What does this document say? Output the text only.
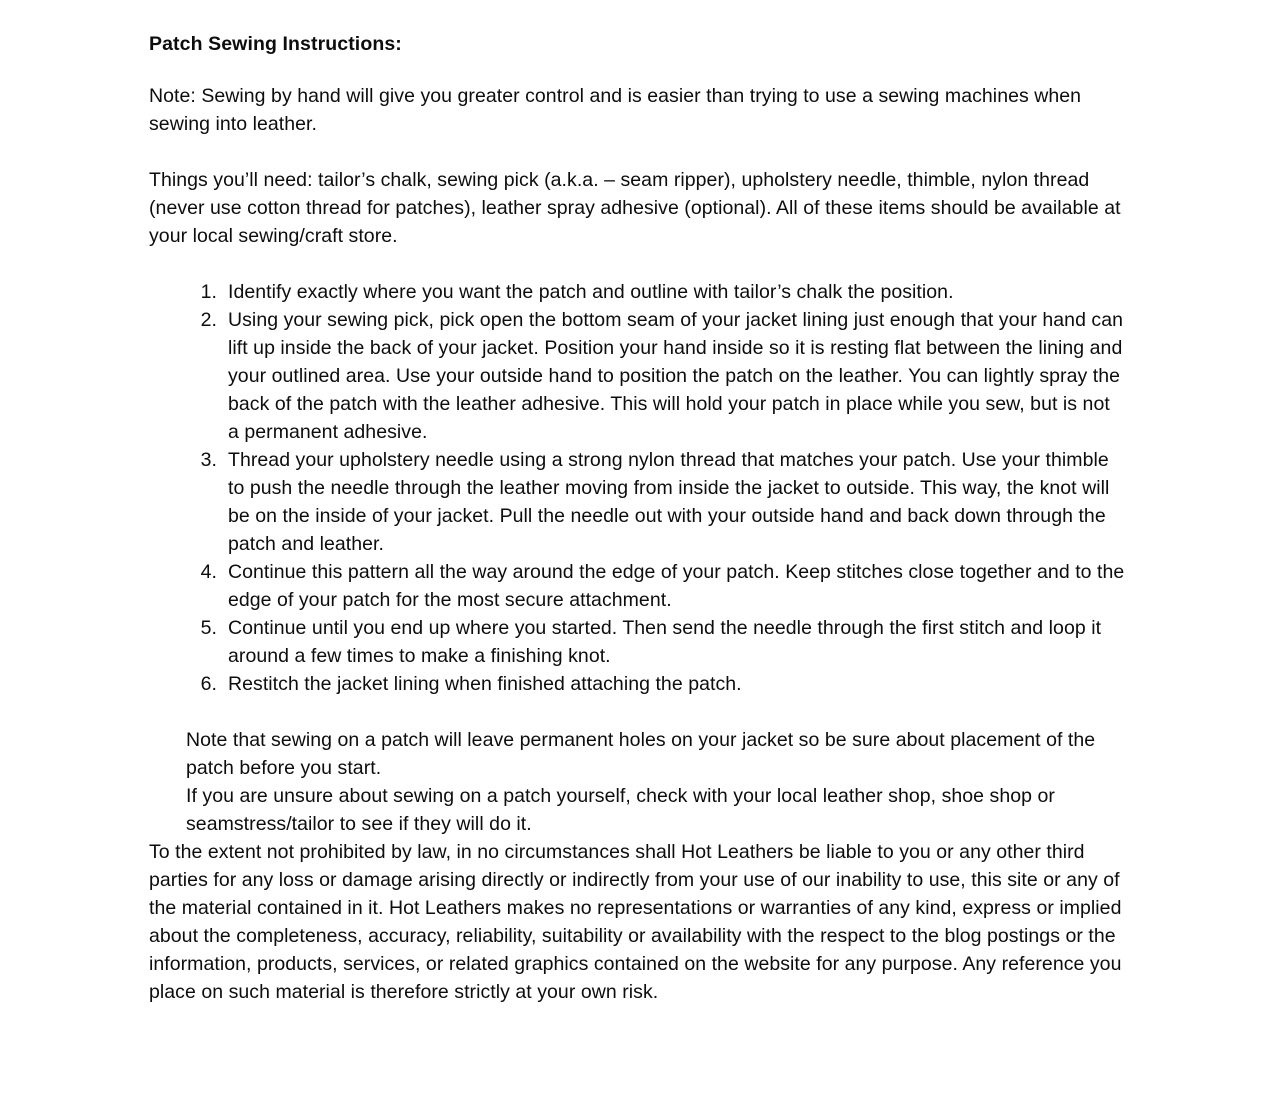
Patch Sewing Instructions:

Note: Sewing by hand will give you greater control and is easier than trying to use a sewing machines when sewing into leather.

Things you’ll need: tailor’s chalk, sewing pick (a.k.a. – seam ripper), upholstery needle, thimble, nylon thread (never use cotton thread for patches), leather spray adhesive (optional). All of these items should be available at your local sewing/craft store.

Identify exactly where you want the patch and outline with tailor’s chalk the position.
Using your sewing pick, pick open the bottom seam of your jacket lining just enough that your hand can lift up inside the back of your jacket. Position your hand inside so it is resting flat between the lining and your outlined area. Use your outside hand to position the patch on the leather. You can lightly spray the back of the patch with the leather adhesive. This will hold your patch in place while you sew, but is not a permanent adhesive.
Thread your upholstery needle using a strong nylon thread that matches your patch. Use your thimble to push the needle through the leather moving from inside the jacket to outside. This way, the knot will be on the inside of your jacket. Pull the needle out with your outside hand and back down through the patch and leather.
Continue this pattern all the way around the edge of your patch. Keep stitches close together and to the edge of your patch for the most secure attachment.
Continue until you end up where you started. Then send the needle through the first stitch and loop it around a few times to make a finishing knot.
Restitch the jacket lining when finished attaching the patch.

Note that sewing on a patch will leave permanent holes on your jacket so be sure about placement of the patch before you start.

If you are unsure about sewing on a patch yourself, check with your local leather shop, shoe shop or seamstress/tailor to see if they will do it.

To the extent not prohibited by law, in no circumstances shall Hot Leathers be liable to you or any other third parties for any loss or damage arising directly or indirectly from your use of our inability to use, this site or any of the material contained in it. Hot Leathers makes no representations or warranties of any kind, express or implied about the completeness, accuracy, reliability, suitability or availability with the respect to the blog postings or the information, products, services, or related graphics contained on the website for any purpose. Any reference you place on such material is therefore strictly at your own risk.
